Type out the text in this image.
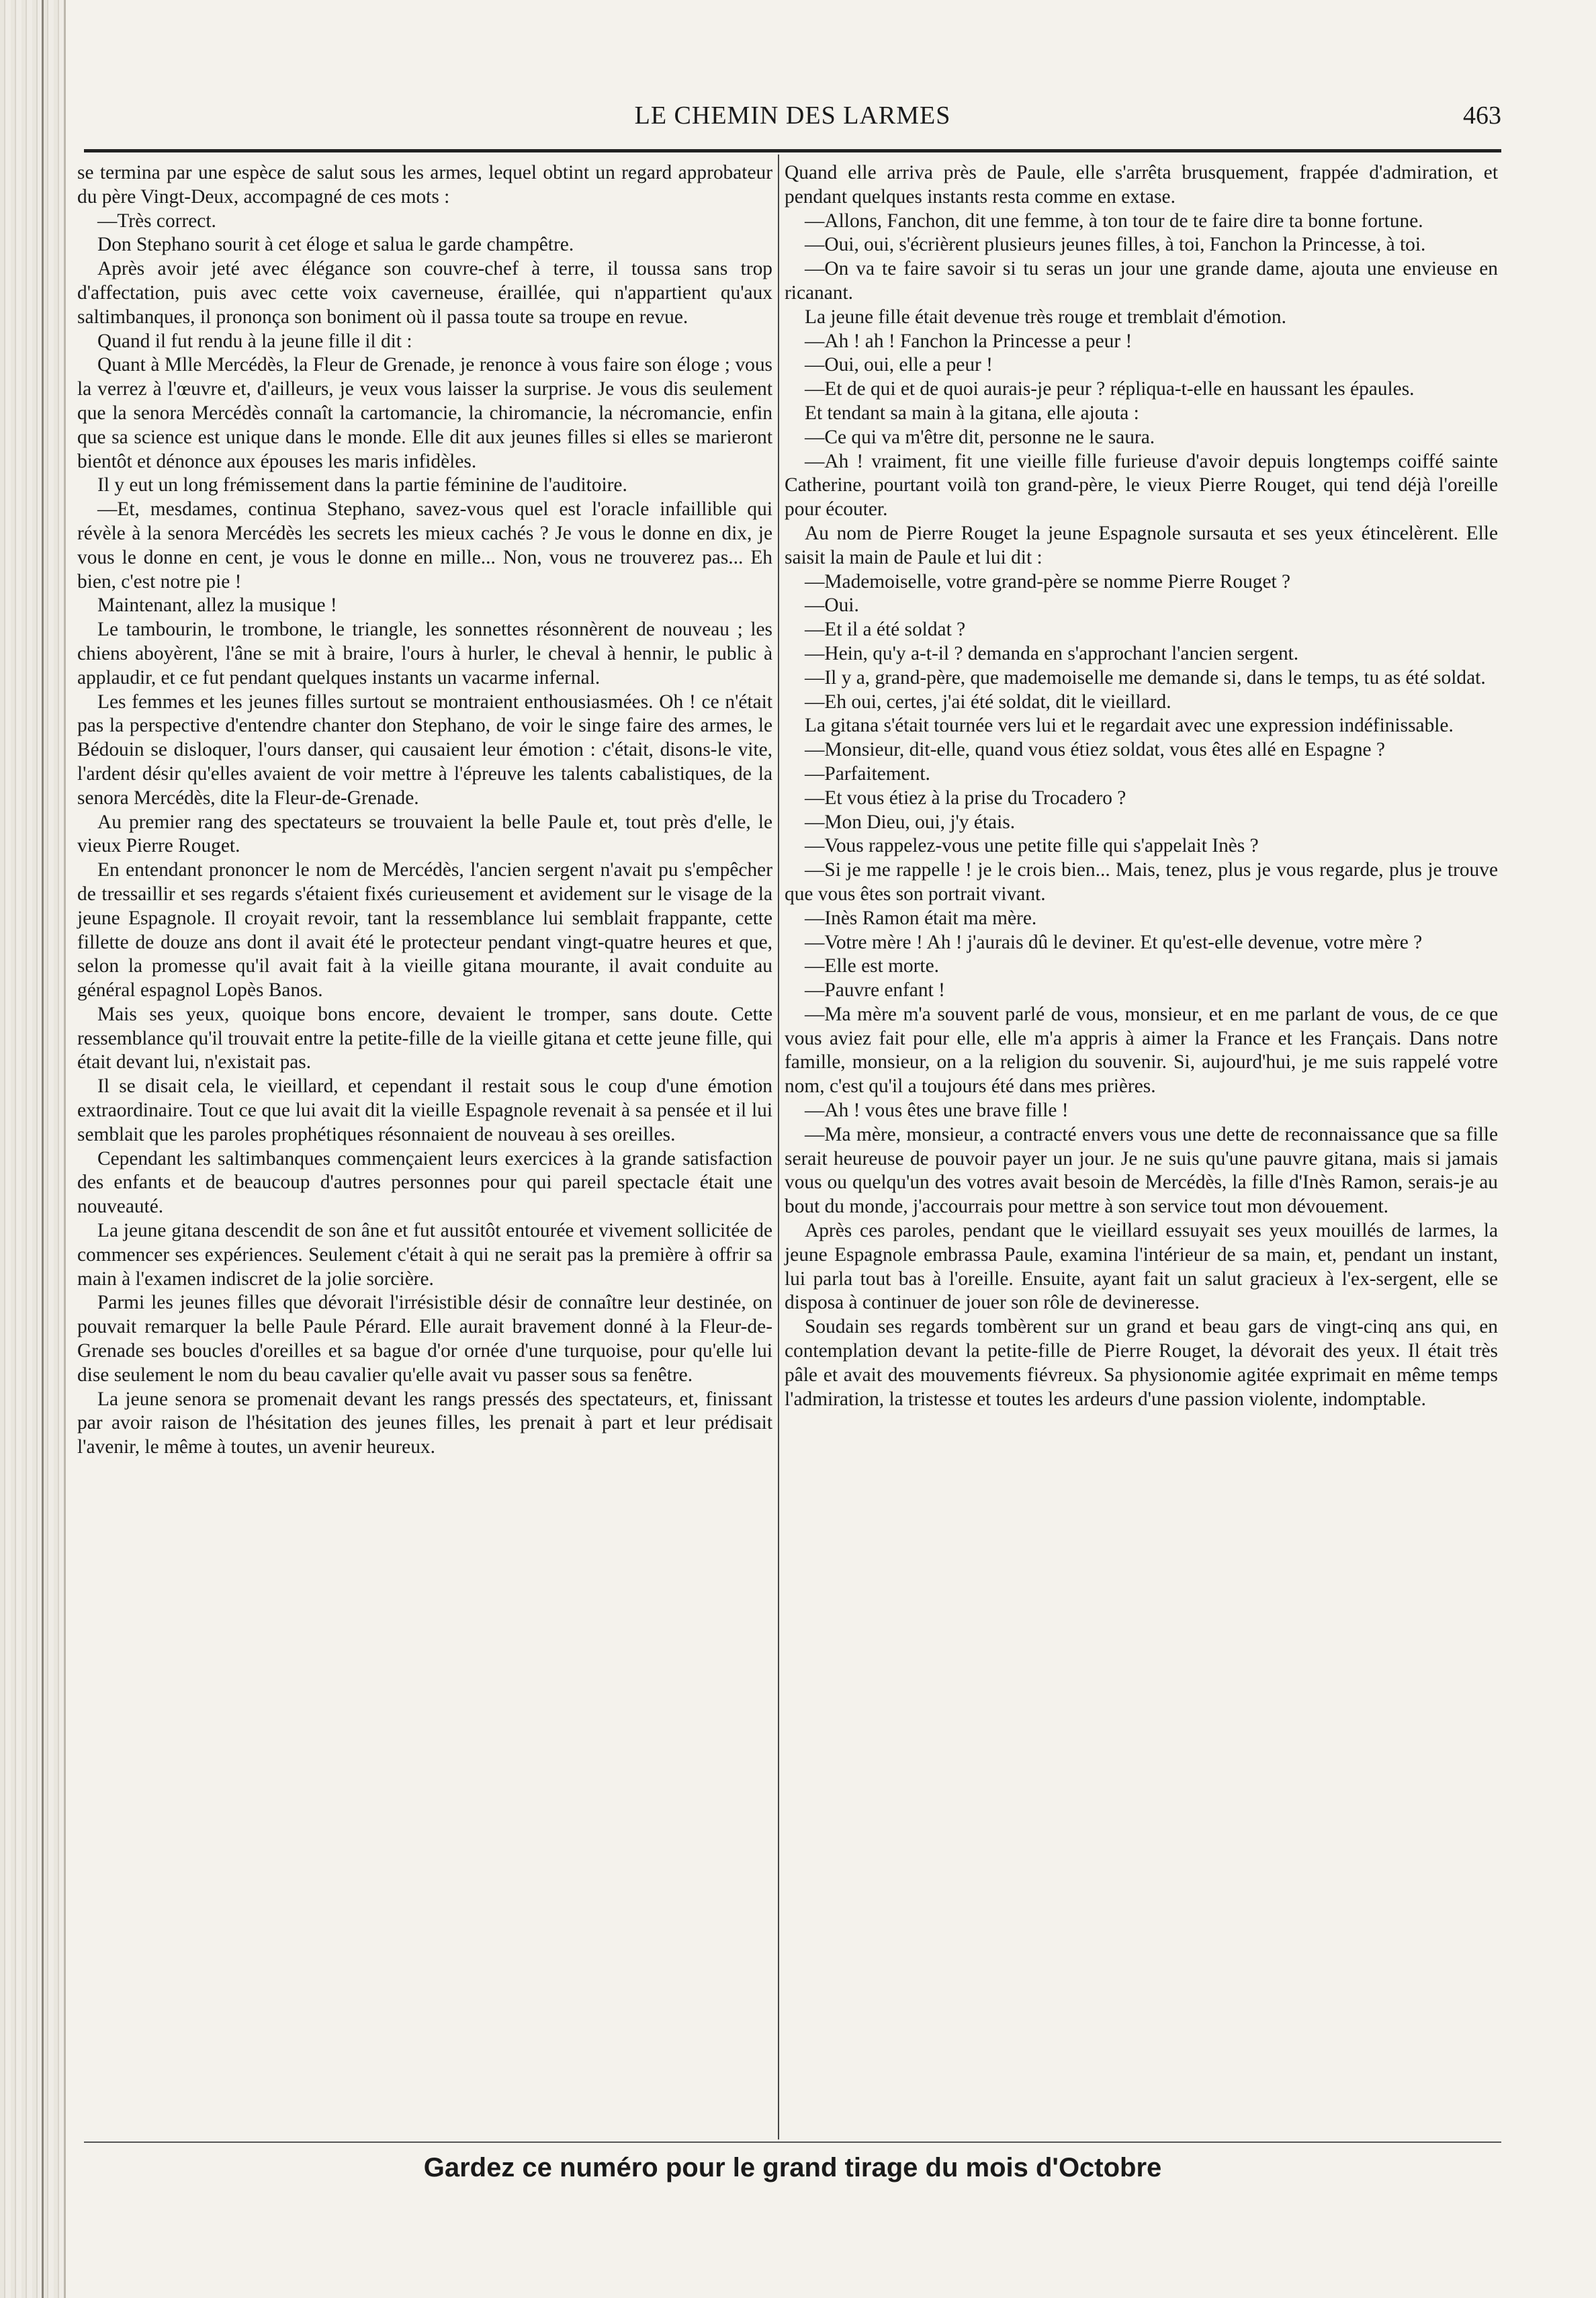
LE CHEMIN DES LARMES	463

se termina par une espèce de salut sous les armes, lequel obtint un regard approbateur du père Vingt-Deux, accompagné de ces mots :

—Très correct.

Don Stephano sourit à cet éloge et salua le garde champêtre.

Après avoir jeté avec élégance son couvre-chef à terre, il toussa sans trop d'affectation, puis avec cette voix caverneuse, éraillée, qui n'appartient qu'aux saltimbanques, il prononça son boniment où il passa toute sa troupe en revue.

Quand il fut rendu à la jeune fille il dit :

Quant à Mlle Mercédès, la Fleur de Grenade, je renonce à vous faire son éloge ; vous la verrez à l'œuvre et, d'ailleurs, je veux vous laisser la surprise. Je vous dis seulement que la senora Mercédès connaît la cartomancie, la chiromancie, la nécromancie, enfin que sa science est unique dans le monde. Elle dit aux jeunes filles si elles se marieront bientôt et dénonce aux épouses les maris infidèles.

Il y eut un long frémissement dans la partie féminine de l'auditoire.

—Et, mesdames, continua Stephano, savez-vous quel est l'oracle infaillible qui révèle à la senora Mercédès les secrets les mieux cachés ? Je vous le donne en dix, je vous le donne en cent, je vous le donne en mille... Non, vous ne trouverez pas... Eh bien, c'est notre pie !

Maintenant, allez la musique !

Le tambourin, le trombone, le triangle, les sonnettes résonnèrent de nouveau ; les chiens aboyèrent, l'âne se mit à braire, l'ours à hurler, le cheval à hennir, le public à applaudir, et ce fut pendant quelques instants un vacarme infernal.

Les femmes et les jeunes filles surtout se montraient enthousiasmées. Oh ! ce n'était pas la perspective d'entendre chanter don Stephano, de voir le singe faire des armes, le Bédouin se disloquer, l'ours danser, qui causaient leur émotion : c'était, disons-le vite, l'ardent désir qu'elles avaient de voir mettre à l'épreuve les talents cabalistiques, de la senora Mercédès, dite la Fleur-de-Grenade.

Au premier rang des spectateurs se trouvaient la belle Paule et, tout près d'elle, le vieux Pierre Rouget.

En entendant prononcer le nom de Mercédès, l'ancien sergent n'avait pu s'empêcher de tressaillir et ses regards s'étaient fixés curieusement et avidement sur le visage de la jeune Espagnole. Il croyait revoir, tant la ressemblance lui semblait frappante, cette fillette de douze ans dont il avait été le protecteur pendant vingt-quatre heures et que, selon la promesse qu'il avait fait à la vieille gitana mourante, il avait conduite au général espagnol Lopès Banos.

Mais ses yeux, quoique bons encore, devaient le tromper, sans doute. Cette ressemblance qu'il trouvait entre la petite-fille de la vieille gitana et cette jeune fille, qui était devant lui, n'existait pas.

Il se disait cela, le vieillard, et cependant il restait sous le coup d'une émotion extraordinaire. Tout ce que lui avait dit la vieille Espagnole revenait à sa pensée et il lui semblait que les paroles prophétiques résonnaient de nouveau à ses oreilles.

Cependant les saltimbanques commençaient leurs exercices à la grande satisfaction des enfants et de beaucoup d'autres personnes pour qui pareil spectacle était une nouveauté.

La jeune gitana descendit de son âne et fut aussitôt entourée et vivement sollicitée de commencer ses expériences. Seulement c'était à qui ne serait pas la première à offrir sa main à l'examen indiscret de la jolie sorcière.

Parmi les jeunes filles que dévorait l'irrésistible désir de connaître leur destinée, on pouvait remarquer la belle Paule Pérard. Elle aurait bravement donné à la Fleur-de-Grenade ses boucles d'oreilles et sa bague d'or ornée d'une turquoise, pour qu'elle lui dise seulement le nom du beau cavalier qu'elle avait vu passer sous sa fenêtre.

La jeune senora se promenait devant les rangs pressés des spectateurs, et, finissant par avoir raison de l'hésitation des jeunes filles, les prenait à part et leur prédisait l'avenir, le même à toutes, un avenir heureux.

Quand elle arriva près de Paule, elle s'arrêta brusquement, frappée d'admiration, et pendant quelques instants resta comme en extase.

—Allons, Fanchon, dit une femme, à ton tour de te faire dire ta bonne fortune.

—Oui, oui, s'écrièrent plusieurs jeunes filles, à toi, Fanchon la Princesse, à toi.

—On va te faire savoir si tu seras un jour une grande dame, ajouta une envieuse en ricanant.

La jeune fille était devenue très rouge et tremblait d'émotion.

—Ah ! ah ! Fanchon la Princesse a peur !

—Oui, oui, elle a peur !

—Et de qui et de quoi aurais-je peur ? répliqua-t-elle en haussant les épaules.

Et tendant sa main à la gitana, elle ajouta :

—Ce qui va m'être dit, personne ne le saura.

—Ah ! vraiment, fit une vieille fille furieuse d'avoir depuis longtemps coiffé sainte Catherine, pourtant voilà ton grand-père, le vieux Pierre Rouget, qui tend déjà l'oreille pour écouter.

Au nom de Pierre Rouget la jeune Espagnole sursauta et ses yeux étincelèrent. Elle saisit la main de Paule et lui dit :

—Mademoiselle, votre grand-père se nomme Pierre Rouget ?

—Oui.

—Et il a été soldat ?

—Hein, qu'y a-t-il ? demanda en s'approchant l'ancien sergent.

—Il y a, grand-père, que mademoiselle me demande si, dans le temps, tu as été soldat.

—Eh oui, certes, j'ai été soldat, dit le vieillard.

La gitana s'était tournée vers lui et le regardait avec une expression indéfinissable.

—Monsieur, dit-elle, quand vous étiez soldat, vous êtes allé en Espagne ?

—Parfaitement.

—Et vous étiez à la prise du Trocadero ?

—Mon Dieu, oui, j'y étais.

—Vous rappelez-vous une petite fille qui s'appelait Inès ?

—Si je me rappelle ! je le crois bien... Mais, tenez, plus je vous regarde, plus je trouve que vous êtes son portrait vivant.

—Inès Ramon était ma mère.

—Votre mère ! Ah ! j'aurais dû le deviner. Et qu'est-elle devenue, votre mère ?

—Elle est morte.

—Pauvre enfant !

—Ma mère m'a souvent parlé de vous, monsieur, et en me parlant de vous, de ce que vous aviez fait pour elle, elle m'a appris à aimer la France et les Français. Dans notre famille, monsieur, on a la religion du souvenir. Si, aujourd'hui, je me suis rappelé votre nom, c'est qu'il a toujours été dans mes prières.

—Ah ! vous êtes une brave fille !

—Ma mère, monsieur, a contracté envers vous une dette de reconnaissance que sa fille serait heureuse de pouvoir payer un jour. Je ne suis qu'une pauvre gitana, mais si jamais vous ou quelqu'un des votres avait besoin de Mercédès, la fille d'Inès Ramon, serais-je au bout du monde, j'accourrais pour mettre à son service tout mon dévouement.

Après ces paroles, pendant que le vieillard essuyait ses yeux mouillés de larmes, la jeune Espagnole embrassa Paule, examina l'intérieur de sa main, et, pendant un instant, lui parla tout bas à l'oreille. Ensuite, ayant fait un salut gracieux à l'ex-sergent, elle se disposa à continuer de jouer son rôle de devineresse.

Soudain ses regards tombèrent sur un grand et beau gars de vingt-cinq ans qui, en contemplation devant la petite-fille de Pierre Rouget, la dévorait des yeux. Il était très pâle et avait des mouvements fiévreux. Sa physionomie agitée exprimait en même temps l'admiration, la tristesse et toutes les ardeurs d'une passion violente, indomptable.

Gardez ce numéro pour le grand tirage du mois d'Octobre
